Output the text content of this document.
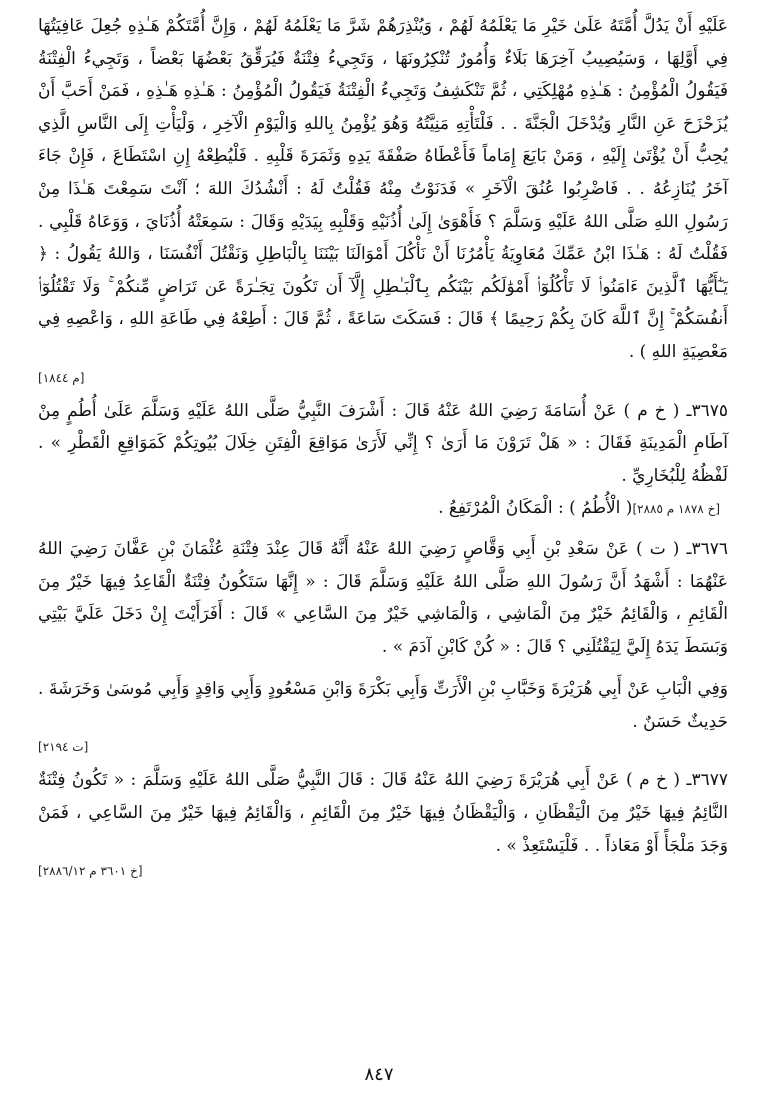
عَلَيْهِ أَنْ يَدُلَّ أُمَّتَهُ عَلَىٰ خَيْرِ مَا يَعْلَمُهُ لَهُمْ ، وَيُنْذِرَهُمْ شَرَّ مَا يَعْلَمُهُ لَهُمْ ، وَإِنَّ أُمَّتَكُمْ هَـٰذِهِ جُعِلَ عَافِيَتُهَا فِي أَوَّلِهَا ، وَسَيُصِيبُ آخِرَهَا بَلَاءٌ وَأُمُورٌ تُنْكِرُونَهَا ، وَتَجِيءُ فِتْنَةٌ فَيُرَقِّقُ بَعْضُهَا بَعْضاً ، وَتَجِيءُ الْفِتْنَةُ فَيَقُولُ الْمُؤْمِنُ : هَـٰذِهِ مُهْلِكَتِي ، ثُمَّ تَنْكَشِفُ وَتَجِيءُ الْفِتْنَةُ فَيَقُولُ الْمُؤْمِنُ : هَـٰذِهِ هَـٰذِهِ ، فَمَنْ أَحَبَّ أَنْ يُزَحْزَحَ عَنِ النَّارِ وَيُدْخَلَ الْجَنَّةَ . . فَلْتَأْتِهِ مَنِيَّتُهُ وَهُوَ يُؤْمِنُ بِاللهِ وَالْيَوْمِ الْآخِرِ ، وَلْيَأْتِ إِلَى النَّاسِ الَّذِي يُحِبُّ أَنْ يُؤْتَىٰ إِلَيْهِ ، وَمَنْ بَايَعَ إِمَاماً فَأَعْطَاهُ صَفْقَةَ يَدِهِ وَثَمَرَةَ قَلْبِهِ . فَلْيُطِعْهُ إِنِ اسْتَطَاعَ ، فَإِنْ جَاءَ آخَرُ يُنَازِعُهُ . . فَاضْرِبُوا عُنُقَ الْآخَرِ » فَدَنَوْتُ مِنْهُ فَقُلْتُ لَهُ : أَنْشُدُكَ اللهَ ؛ آنْتَ سَمِعْتَ هَـٰذَا مِنْ رَسُولِ اللهِ صَلَّى اللهُ عَلَيْهِ وَسَلَّمَ ؟ فَأَهْوَىٰ إِلَىٰ أُذُنَيْهِ وَقَلْبِهِ بِيَدَيْهِ وَقَالَ : سَمِعَتْهُ أُذُنَايَ ، وَوَعَاهُ قَلْبِي . فَقُلْتُ لَهُ : هَـٰذَا ابْنُ عَمِّكَ مُعَاوِيَةُ يَأْمُرُنَا أَنْ نَأْكُلَ أَمْوَالَنَا بَيْنَنَا بِالْبَاطِلِ وَنَقْتُلَ أَنْفُسَنَا ، وَاللهُ يَقُولُ : ﴿ يَـٰٓأَيُّهَا ٱلَّذِينَ ءَامَنُوا۟ لَا تَأْكُلُوٓا۟ أَمْوَٰلَكُم بَيْنَكُم بِٱلْبَـٰطِلِ إِلَّآ أَن تَكُونَ تِجَـٰرَةً عَن تَرَاضٍ مِّنكُمْ ۚ وَلَا تَقْتُلُوٓا۟ أَنفُسَكُمْ ۚ إِنَّ ٱللَّهَ كَانَ بِكُمْ رَحِيمًا ﴾ قَالَ : فَسَكَتَ سَاعَةً ، ثُمَّ قَالَ : أَطِعْهُ فِي طَاعَةِ اللهِ ، وَاعْصِهِ فِي مَعْصِيَةِ اللهِ ) .

[م ١٨٤٤]

٣٦٧٥ـ ( خ م ) عَنْ أُسَامَةَ رَضِيَ اللهُ عَنْهُ قَالَ : أَشْرَفَ النَّبِيُّ صَلَّى اللهُ عَلَيْهِ وَسَلَّمَ عَلَىٰ أُطُمٍ مِنْ آطَامِ الْمَدِينَةِ فَقَالَ : « هَلْ تَرَوْنَ مَا أَرَىٰ ؟ إِنِّي لَأَرَىٰ مَوَاقِعَ الْفِتَنِ خِلَالَ بُيُوتِكُمْ كَمَوَاقِعِ الْقَطْرِ » . لَفْظُهُ لِلْبُخَارِيِّ .

( الْأُطُمُ ) : الْمَكَانُ الْمُرْتَفِعُ . [خ ١٨٧٨ م ٢٨٨٥]

٣٦٧٦ـ ( ت ) عَنْ سَعْدِ بْنِ أَبِي وَقَّاصٍ رَضِيَ اللهُ عَنْهُ أَنَّهُ قَالَ عِنْدَ فِتْنَةِ عُثْمَانَ بْنِ عَفَّانَ رَضِيَ اللهُ عَنْهُمَا : أَشْهَدُ أَنَّ رَسُولَ اللهِ صَلَّى اللهُ عَلَيْهِ وَسَلَّمَ قَالَ : « إِنَّهَا سَتَكُونُ فِتْنَةٌ الْقَاعِدُ فِيهَا خَيْرٌ مِنَ الْقَائِمِ ، وَالْقَائِمُ خَيْرٌ مِنَ الْمَاشِي ، وَالْمَاشِي خَيْرٌ مِنَ السَّاعِي » قَالَ : أَفَرَأَيْتَ إِنْ دَخَلَ عَلَيَّ بَيْتِي وَبَسَطَ يَدَهُ إِلَيَّ لِيَقْتُلَنِي ؟ قَالَ : « كُنْ كَابْنِ آدَمَ » .

وَفِي الْبَابِ عَنْ أَبِي هُرَيْرَةَ وَخَبَّابِ بْنِ الْأَرَتِّ وَأَبِي بَكْرَةَ وَابْنِ مَسْعُودٍ وَأَبِي وَاقِدٍ وَأَبِي مُوسَىٰ وَخَرَشَةَ . حَدِيثٌ حَسَنٌ .

[ت ٢١٩٤]

٣٦٧٧ـ ( خ م ) عَنْ أَبِي هُرَيْرَةَ رَضِيَ اللهُ عَنْهُ قَالَ : قَالَ النَّبِيُّ صَلَّى اللهُ عَلَيْهِ وَسَلَّمَ : « تَكُونُ فِتْنَةٌ النَّائِمُ فِيهَا خَيْرٌ مِنَ الْيَقْظَانِ ، وَالْيَقْظَانُ فِيهَا خَيْرٌ مِنَ الْقَائِمِ ، وَالْقَائِمُ فِيهَا خَيْرٌ مِنَ السَّاعِي ، فَمَنْ وَجَدَ مَلْجَأً أَوْ مَعَاذاً . . فَلْيَسْتَعِذْ » .

[خ ٣٦٠١ م ٢٨٨٦/١٢]

٨٤٧
